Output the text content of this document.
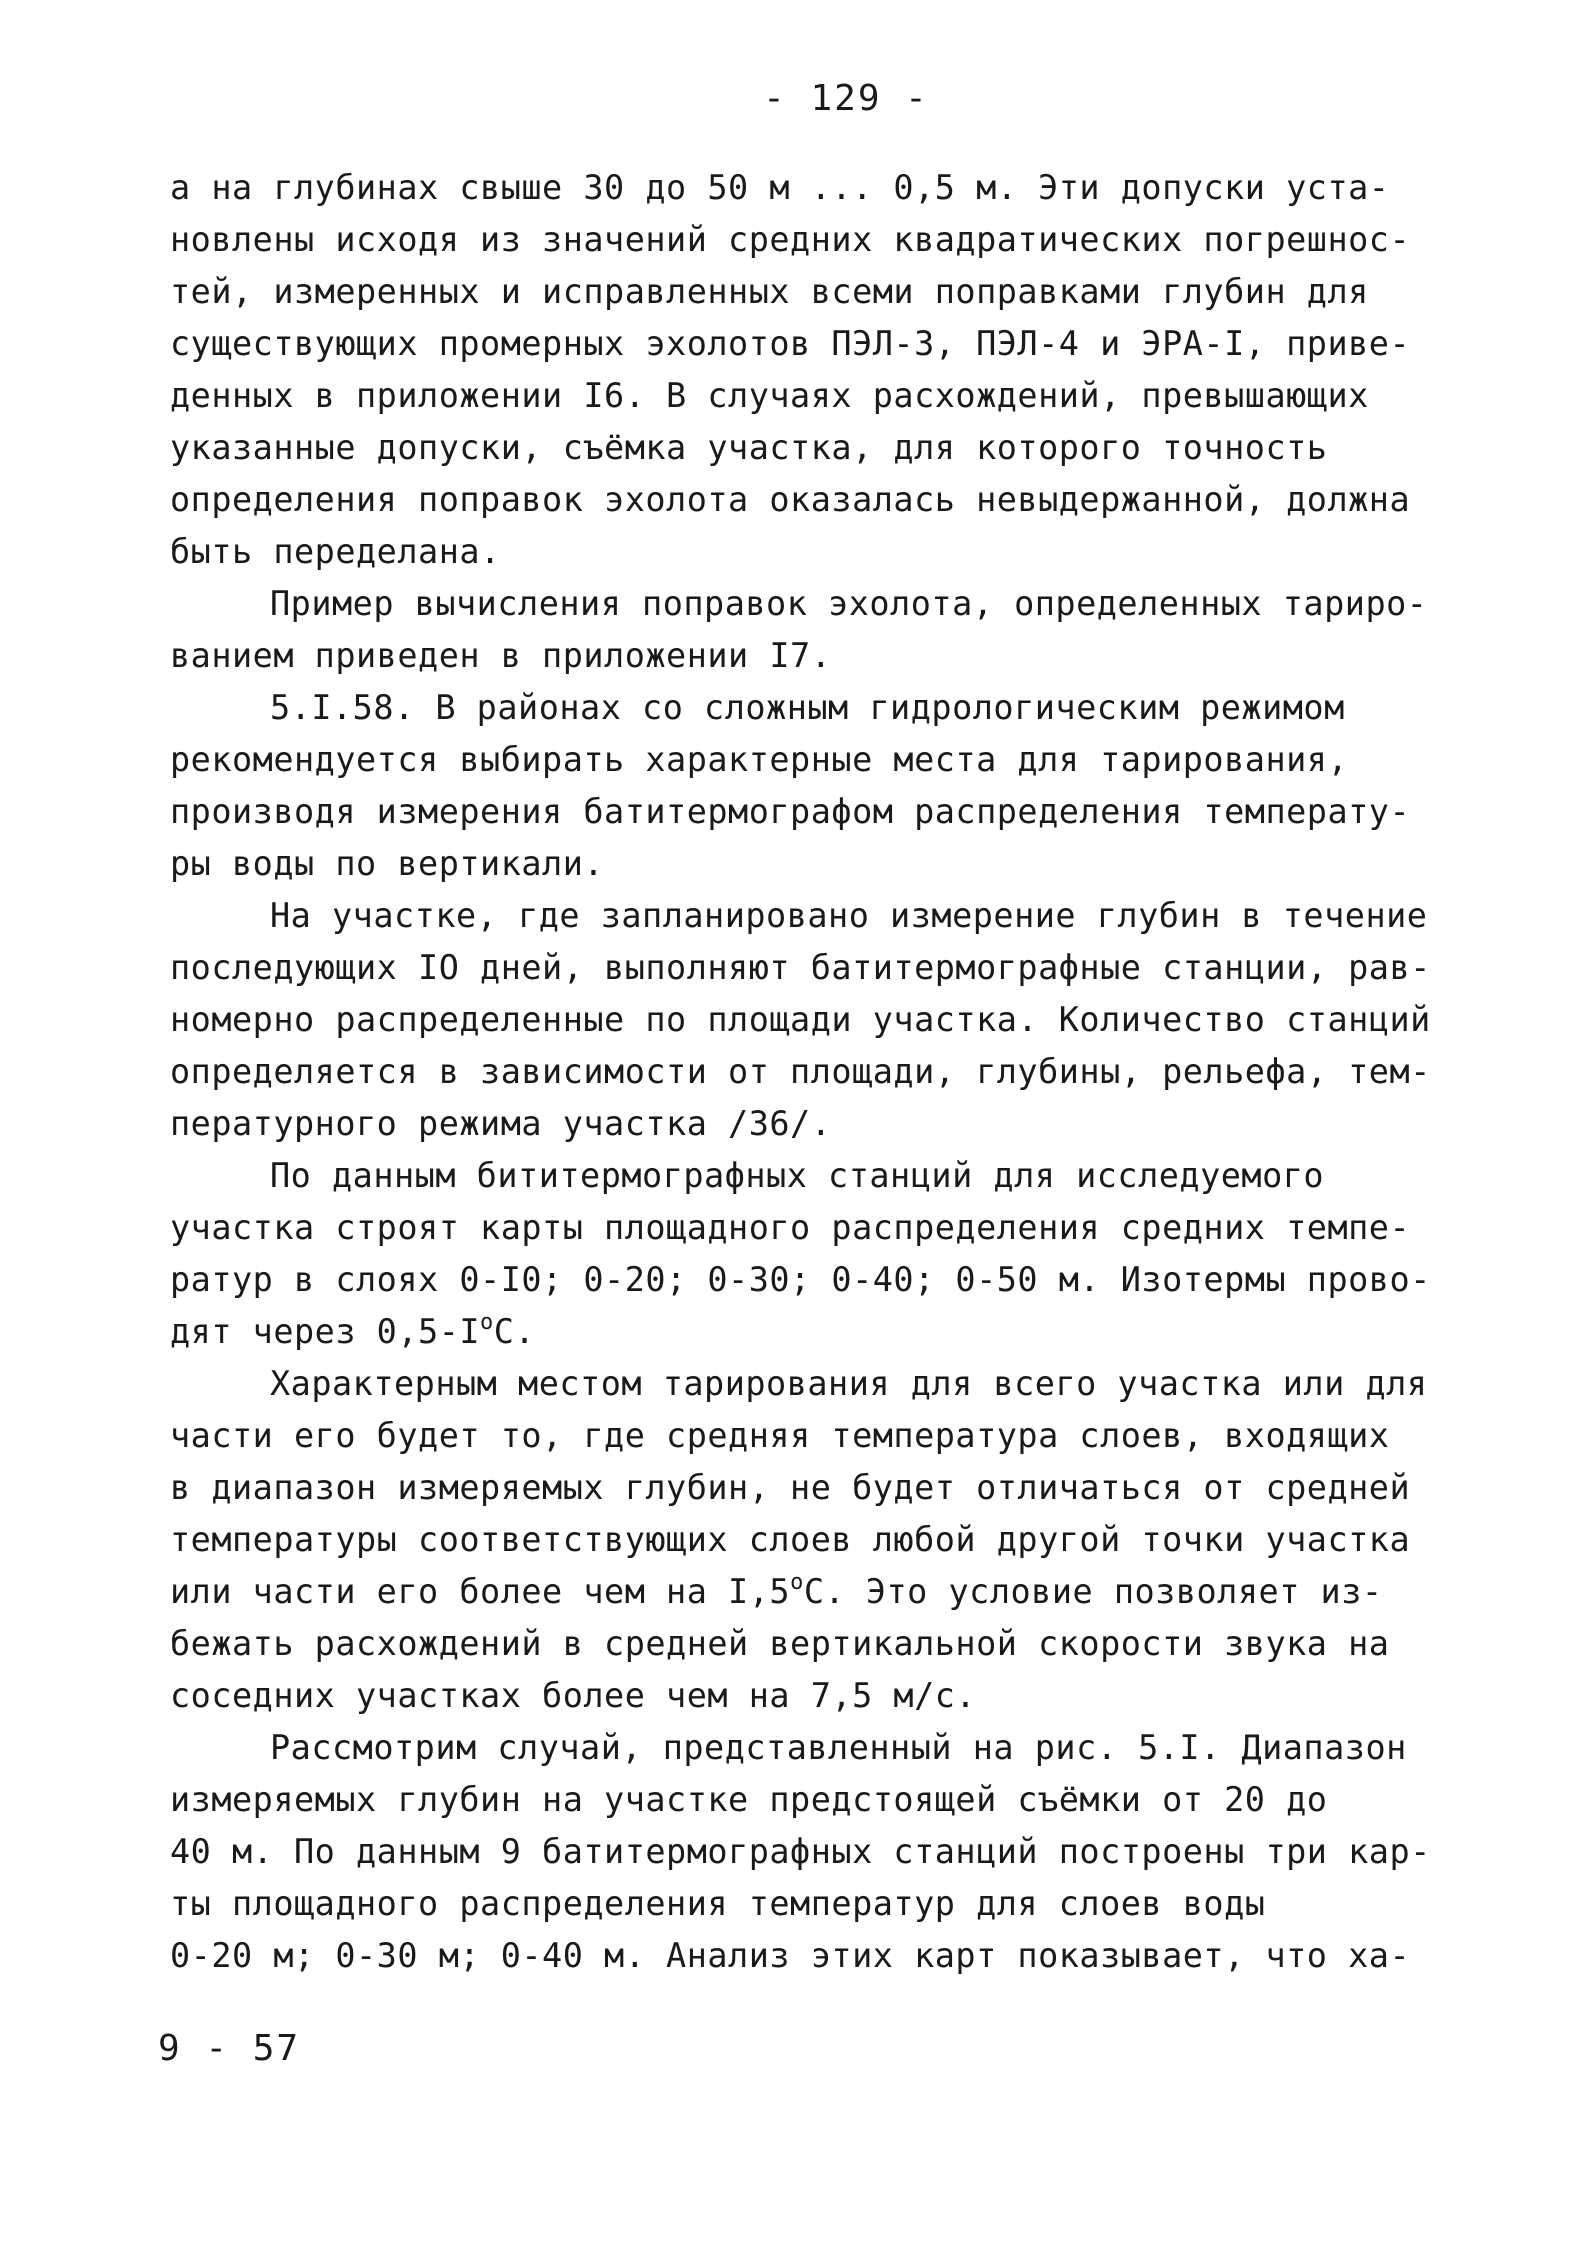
- 129 -
а на глубинах свыше 30 до 50 м ... 0,5 м. Эти допуски уста-
новлены исходя из значений средних квадратических погрешнос-
тей, измеренных и исправленных всеми поправками глубин для
существующих промерных эхолотов ПЭЛ-3, ПЭЛ-4 и ЭРА-I, приве-
денных в приложении I6. В случаях расхождений, превышающих
указанные допуски, съёмка участка, для которого точность
определения поправок эхолота оказалась невыдержанной, должна
быть переделана.
Пример вычисления поправок эхолота, определенных тариро-
ванием приведен в приложении I7.
5.I.58. В районах со сложным гидрологическим режимом
рекомендуется выбирать характерные места для тарирования,
производя измерения батитермографом распределения температу-
ры воды по вертикали.
На участке, где запланировано измерение глубин в течение
последующих IO дней, выполняют батитермографные станции, рав-
номерно распределенные по площади участка. Количество станций
определяется в зависимости от площади, глубины, рельефа, тем-
пературного режима участка /36/.
По данным бититермографных станций для исследуемого
участка строят карты площадного распределения средних темпе-
ратур в слоях 0-I0; 0-20; 0-30; 0-40; 0-50 м. Изотермы прово-
дят через $0,5-I^oC$.
Характерным местом тарирования для всего участка или для
части его будет то, где средняя температура слоев, входящих
в диапазон измеряемых глубин, не будет отличаться от средней
температуры соответствующих слоев любой другой точки участка
или части его более чем на I,5$^o$C. Это условие позволяет из-
бежать расхождений в средней вертикальной скорости звука на
соседних участках более чем на 7,5 м/с.
Рассмотрим случай, представленный на рис. 5.I. Диапазон
измеряемых глубин на участке предстоящей съёмки от 20 до
40 м. По данным 9 батитермографных станций построены три кар-
ты площадного распределения температур для слоев воды
0-20 м; 0-30 м; 0-40 м. Анализ этих карт показывает, что ха-
9 - 57
